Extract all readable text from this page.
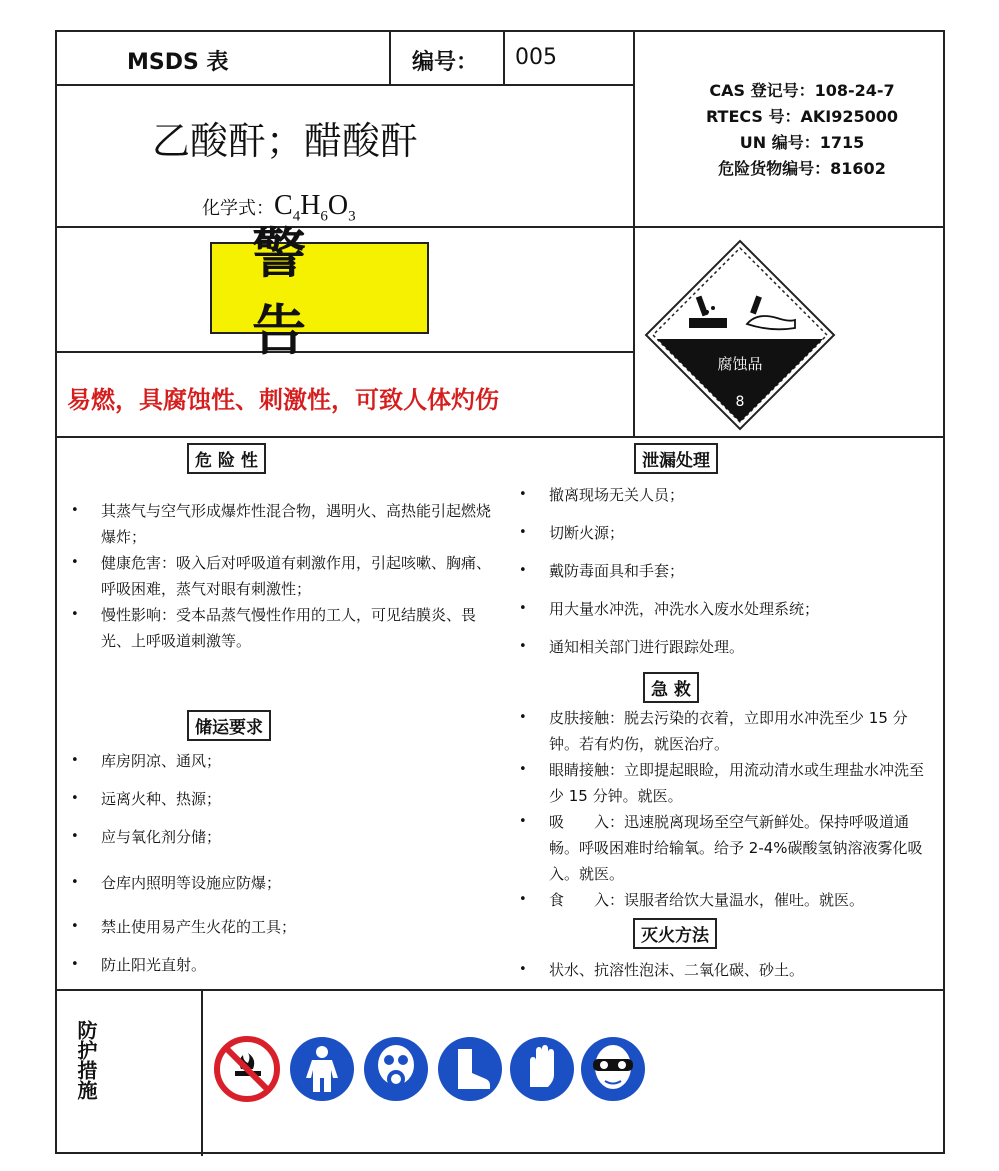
MSDS 表	编号： 005
乙酸酐；醋酸酐
化学式：$C_4H_6O_3$
CAS 登记号：108-24-7
RTECS 号：AKI925000
UN 编号：1715
危险货物编号：81602
警告
易燃，具腐蚀性、刺激性，可致人体灼伤
腐蚀品
8
危 险 性
• 其蒸气与空气形成爆炸性混合物，遇明火、高热能引起燃烧爆炸；
• 健康危害：吸入后对呼吸道有刺激作用，引起咳嗽、胸痛、呼吸困难，蒸气对眼有刺激性；
• 慢性影响：受本品蒸气慢性作用的工人，可见结膜炎、畏光、上呼吸道刺激等。
储运要求
• 库房阴凉、通风；
• 远离火种、热源；
• 应与氧化剂分储；
• 仓库内照明等设施应防爆；
• 禁止使用易产生火花的工具；
• 防止阳光直射。
泄漏处理
• 撤离现场无关人员；
• 切断火源；
• 戴防毒面具和手套；
• 用大量水冲洗，冲洗水入废水处理系统；
• 通知相关部门进行跟踪处理。
急 救
• 皮肤接触：脱去污染的衣着，立即用水冲洗至少 15 分钟。若有灼伤，就医治疗。
• 眼睛接触：立即提起眼睑，用流动清水或生理盐水冲洗至少 15 分钟。就医。
• 吸　　入：迅速脱离现场至空气新鲜处。保持呼吸道通畅。呼吸困难时给输氧。给予 2-4%碳酸氢钠溶液雾化吸入。就医。
• 食　　入：误服者给饮大量温水，催吐。就医。
灭火方法
• 状水、抗溶性泡沫、二氧化碳、砂土。
防护措施
